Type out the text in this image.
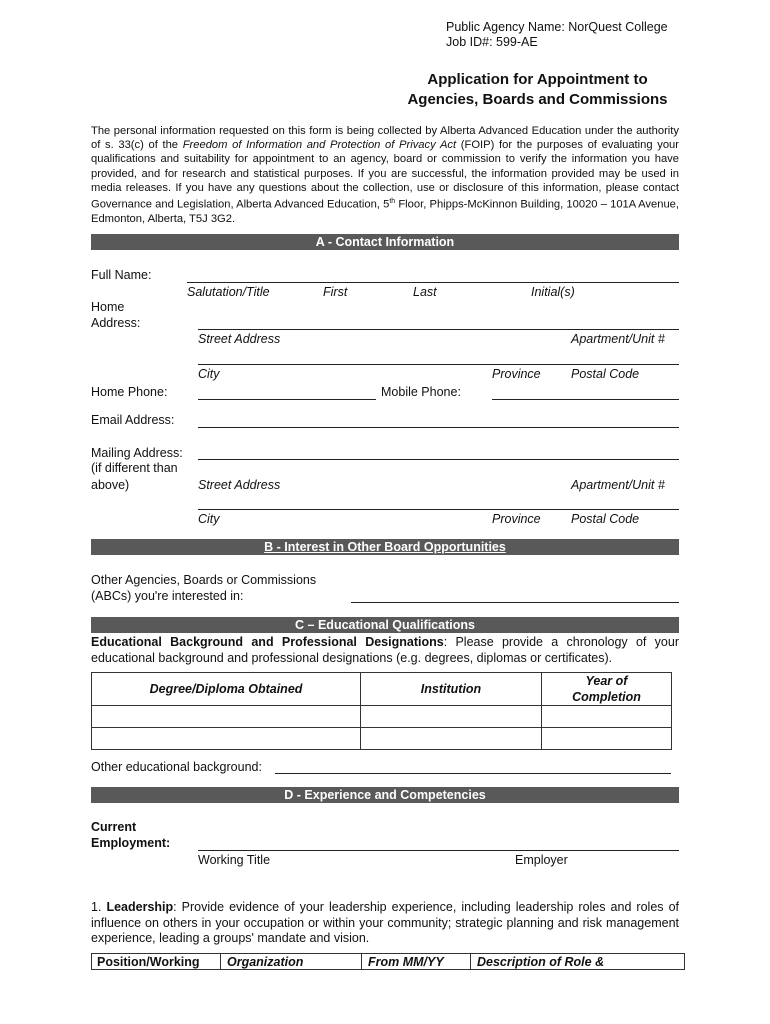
Public Agency Name: NorQuest College
Job ID#: 599-AE
Application for Appointment to
Agencies, Boards and Commissions
The personal information requested on this form is being collected by Alberta Advanced Education under the authority of s. 33(c) of the Freedom of Information and Protection of Privacy Act (FOIP) for the purposes of evaluating your qualifications and suitability for appointment to an agency, board or commission to verify the information you have provided, and for research and statistical purposes. If you are successful, the information provided may be used in media releases. If you have any questions about the collection, use or disclosure of this information, please contact Governance and Legislation, Alberta Advanced Education, 5th Floor, Phipps-McKinnon Building, 10020 – 101A Avenue, Edmonton, Alberta, T5J 3G2.
A - Contact Information
Full Name:
Salutation/Title	First	Last	Initial(s)
Home
Address:
Street Address	Apartment/Unit #
City	Province Postal Code
Home Phone:	Mobile Phone:
Email Address:
Mailing Address:
(if different than
above)	Street Address	Apartment/Unit #
City	Province Postal Code
B - Interest in Other Board Opportunities
Other Agencies, Boards or Commissions
(ABCs) you're interested in:
C – Educational Qualifications
Educational Background and Professional Designations: Please provide a chronology of your educational background and professional designations (e.g. degrees, diplomas or certificates).
Degree/Diploma Obtained	Institution	Year of Completion

Other educational background:
D - Experience and Competencies
Current
Employment:
Working Title	Employer
1. Leadership: Provide evidence of your leadership experience, including leadership roles and roles of influence on others in your occupation or within your community; strategic planning and risk management experience, leading a groups' mandate and vision.
Position/Working	Organization	From MM/YY	Description of Role &
